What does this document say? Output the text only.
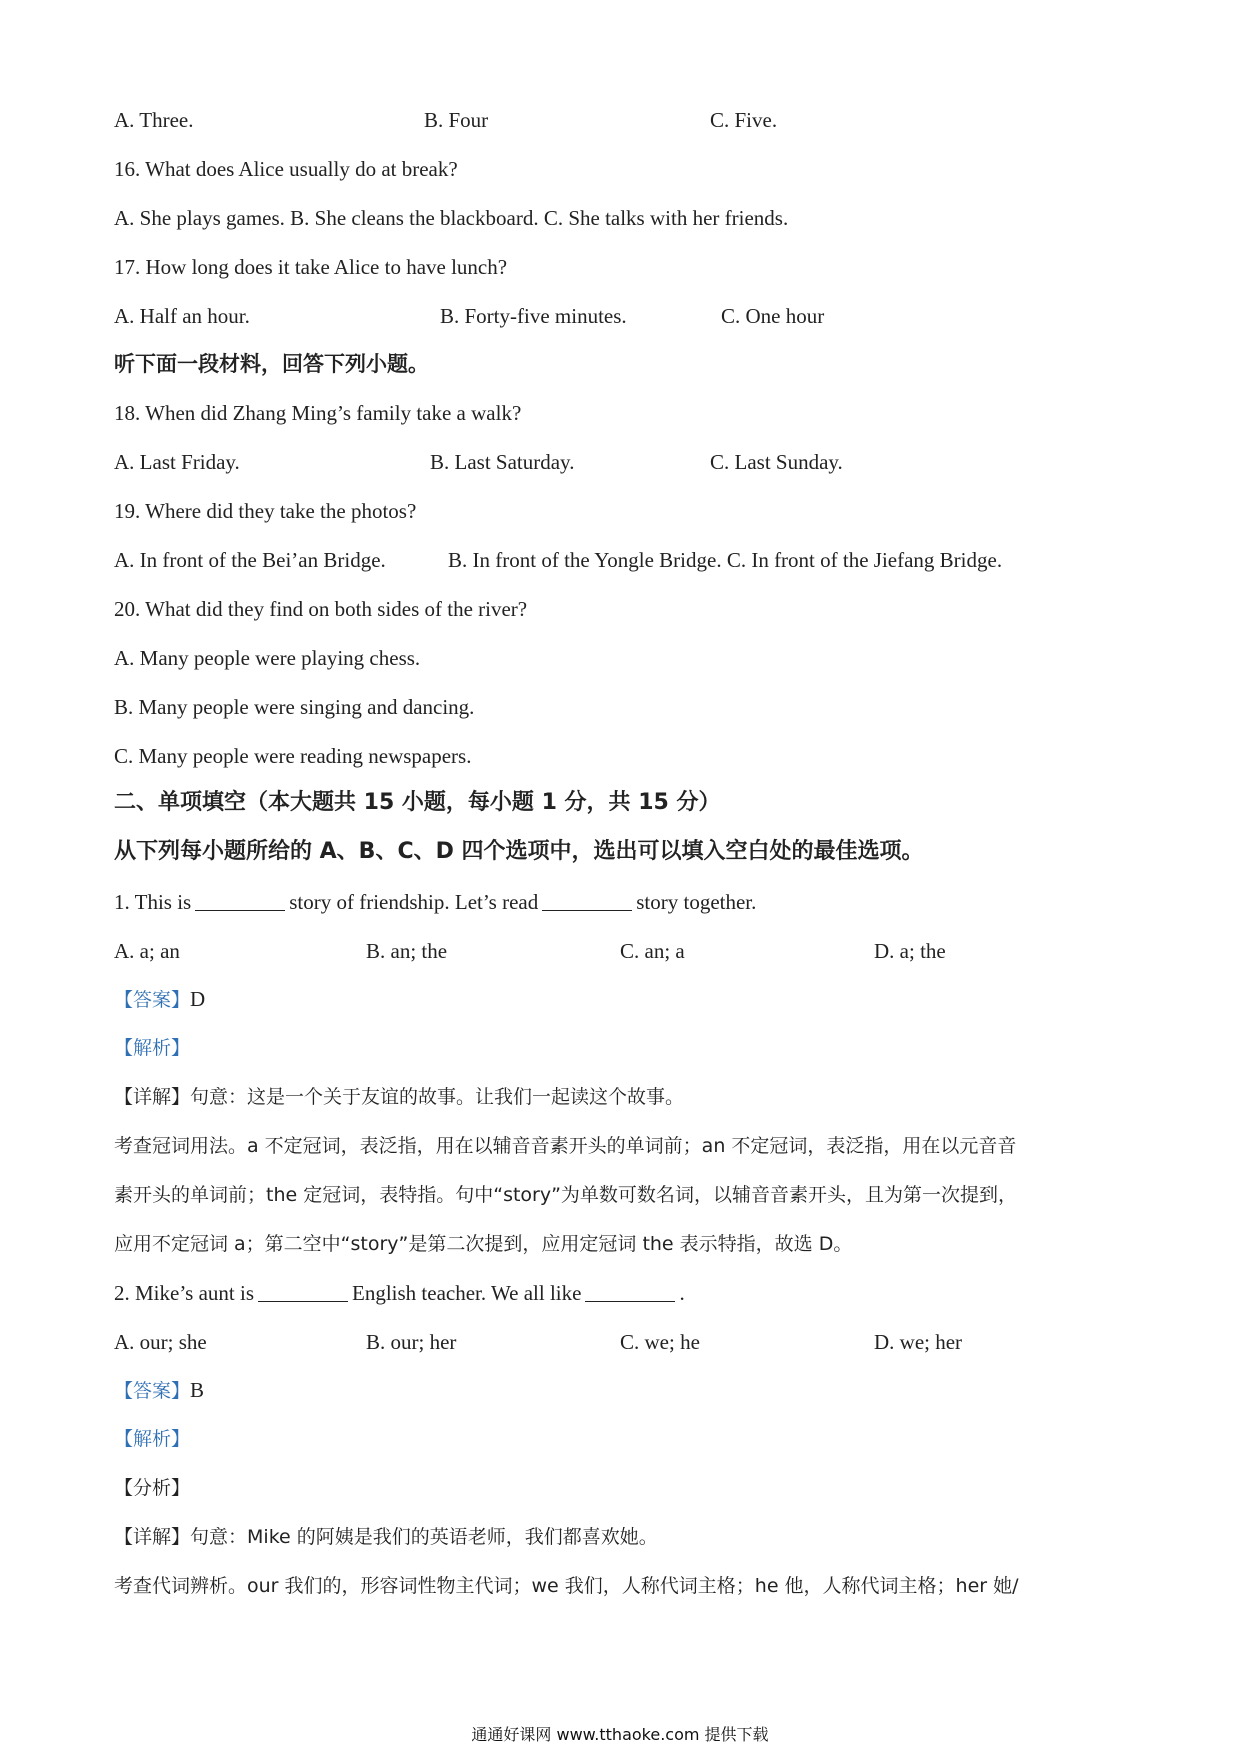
A. Three.	B. Four	C. Five.
16. What does Alice usually do at break?
A. She plays games. B. She cleans the blackboard. C. She talks with her friends.
17. How long does it take Alice to have lunch?
A. Half an hour.	B. Forty-five minutes.	C. One hour
听下面一段材料，回答下列小题。
18. When did Zhang Ming’s family take a walk?
A. Last Friday.	B. Last Saturday.	C. Last Sunday.
19. Where did they take the photos?
A. In front of the Bei’an Bridge.	B. In front of the Yongle Bridge. C. In front of the Jiefang Bridge.
20. What did they find on both sides of the river?
A. Many people were playing chess.
B. Many people were singing and dancing.
C. Many people were reading newspapers.
二、单项填空（本大题共 15 小题，每小题 1 分，共 15 分）
从下列每小题所给的 A、B、C、D 四个选项中，选出可以填入空白处的最佳选项。
1. This is	story of friendship. Let’s read	story together.
A. a; an	B. an; the	C. an; a	D. a; the
【答案】D
【解析】
【详解】句意：这是一个关于友谊的故事。让我们一起读这个故事。
考查冠词用法。a 不定冠词，表泛指，用在以辅音音素开头的单词前；an 不定冠词，表泛指，用在以元音音
素开头的单词前；the 定冠词，表特指。句中“story”为单数可数名词，以辅音音素开头，且为第一次提到，
应用不定冠词 a；第二空中“story”是第二次提到，应用定冠词 the 表示特指，故选 D。
2. Mike’s aunt is	English teacher. We all like	.
A. our; she	B. our; her	C. we; he	D. we; her
【答案】B
【解析】
【分析】
【详解】句意：Mike 的阿姨是我们的英语老师，我们都喜欢她。
考查代词辨析。our 我们的，形容词性物主代词；we 我们，人称代词主格；he 他，人称代词主格；her 她/
通通好课网 www.tthaoke.com 提供下载
